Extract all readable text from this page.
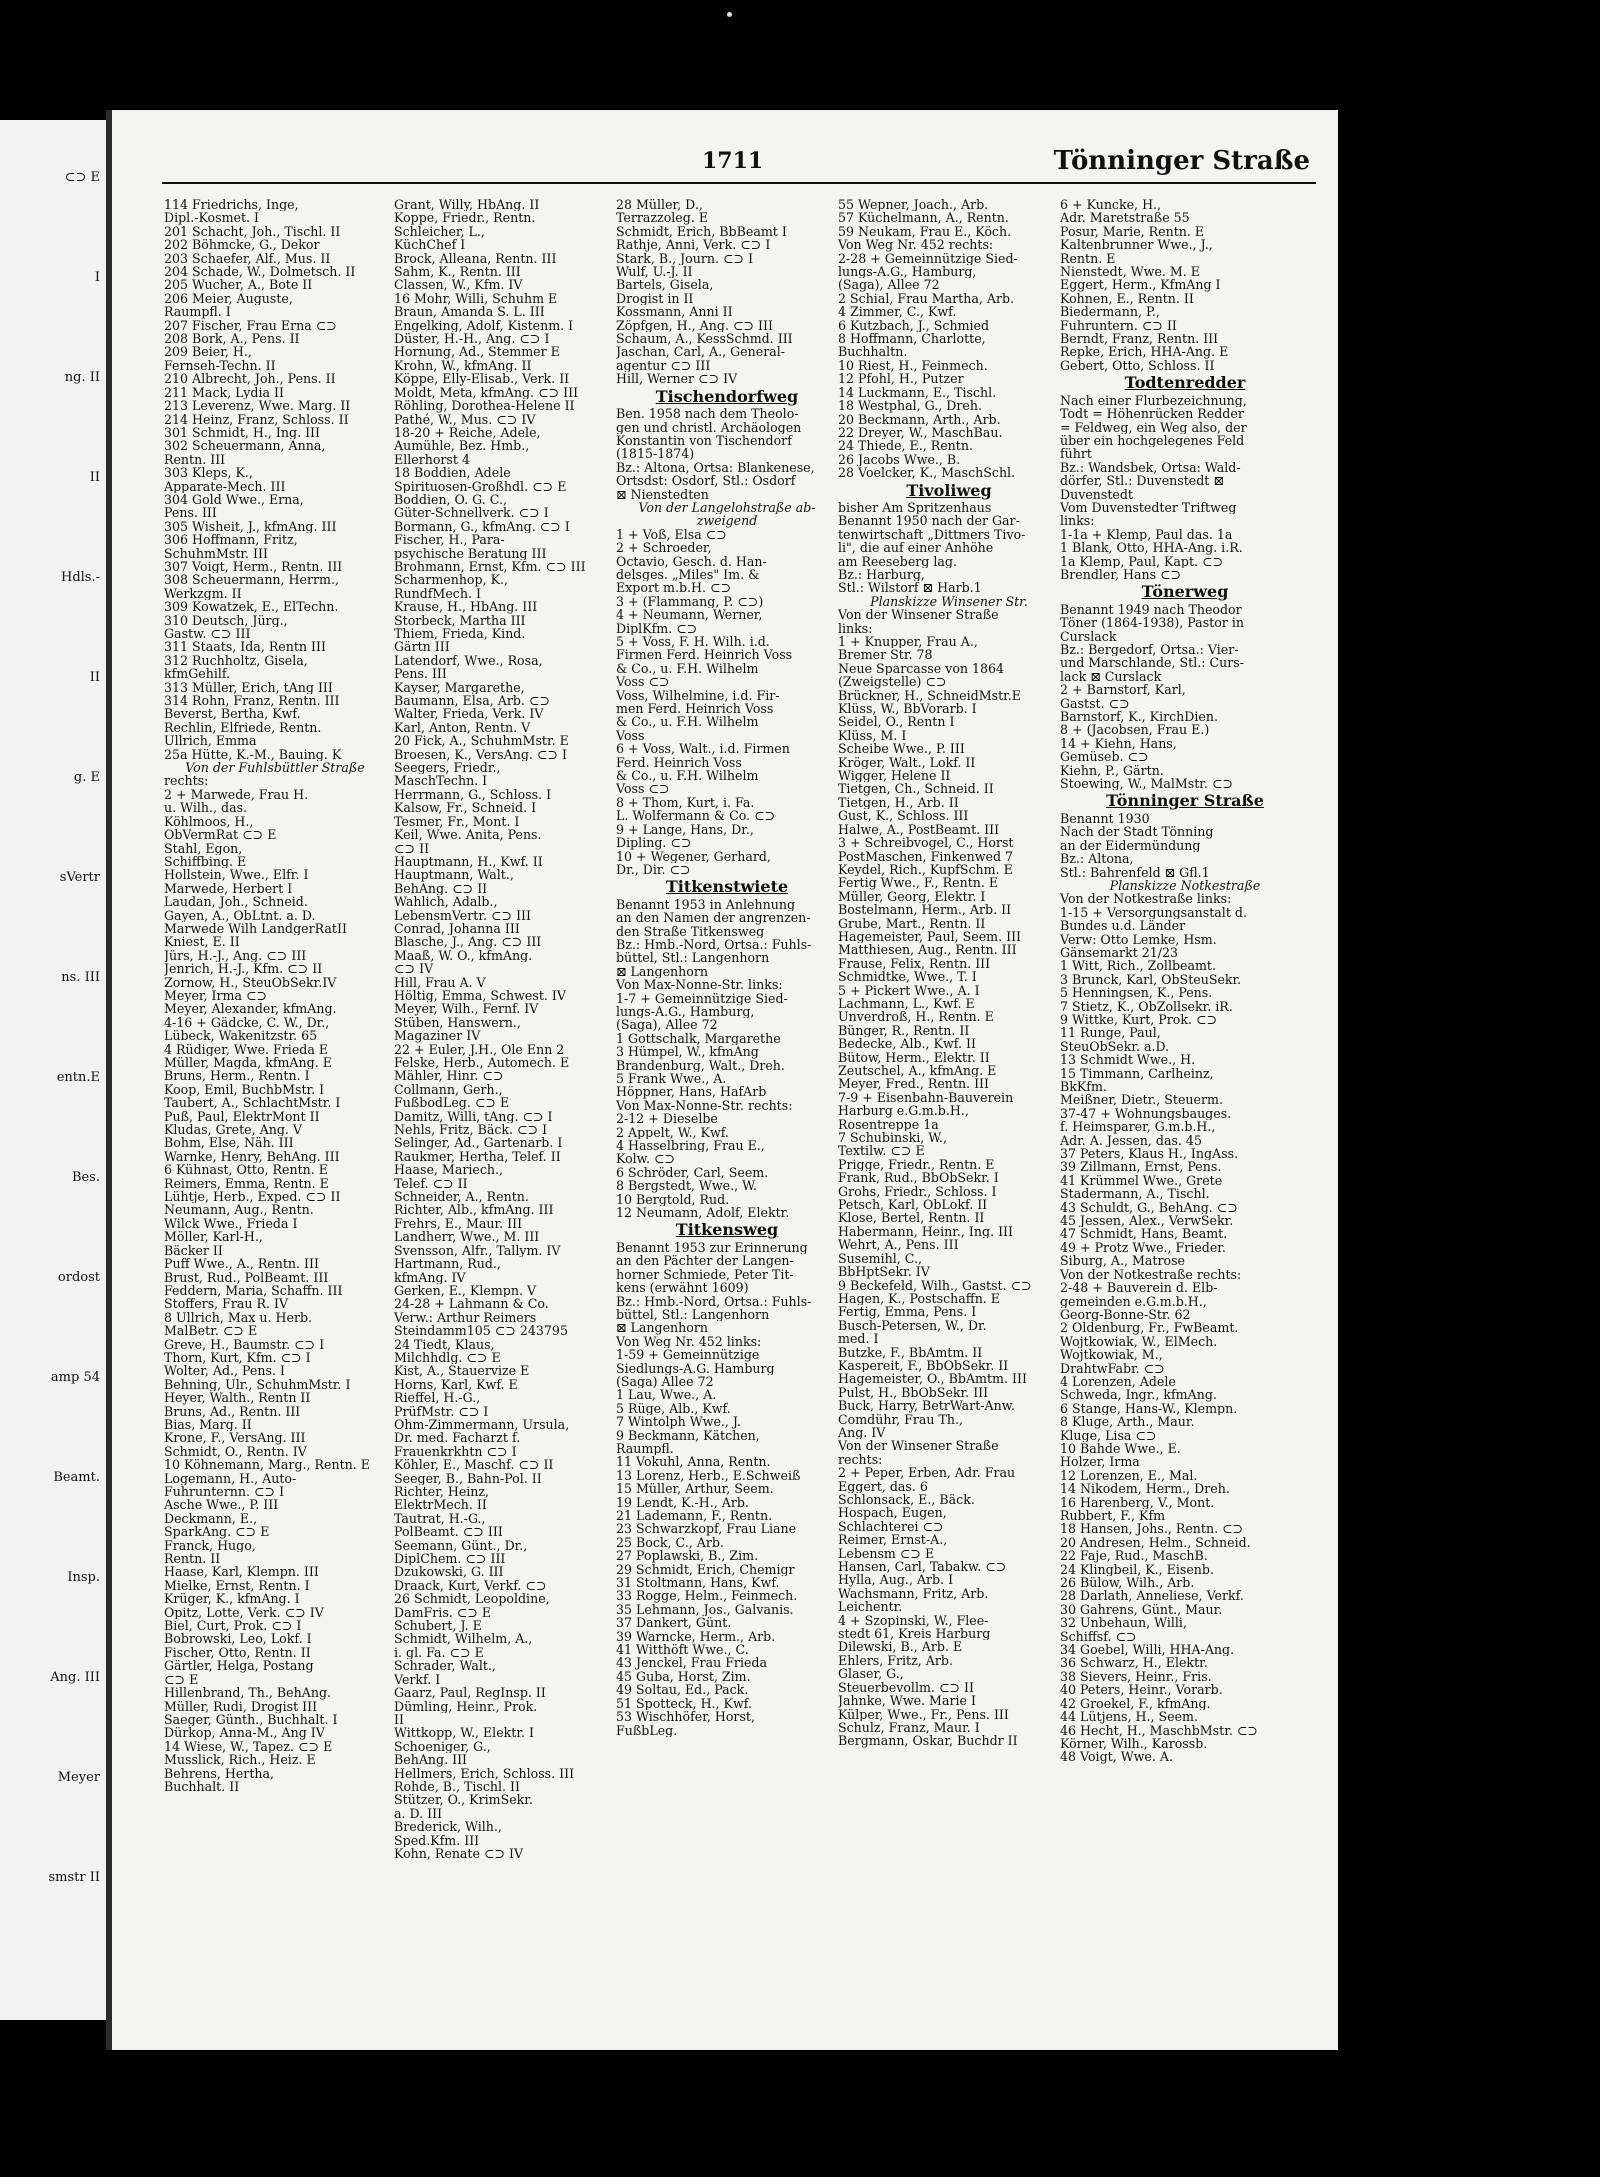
⊂⊃ E
I
ng. II
II
Hdls.-
II
g. E
sVertr
ns. III
entn.E
Bes.
ordost
amp 54
Beamt.
Insp.
Ang. III
Meyer
smstr II
1711	Tönninger Straße
114 Friedrichs, Inge,
Dipl.-Kosmet. I
201 Schacht, Joh., Tischl. II
202 Böhmcke, G., Dekor
203 Schaefer, Alf., Mus. II
204 Schade, W., Dolmetsch. II
205 Wucher, A., Bote II
206 Meier, Auguste,
Raumpfl. I
207 Fischer, Frau Erna ⊂⊃
208 Bork, A., Pens. II
209 Beier, H.,
Fernseh-Techn. II
210 Albrecht, Joh., Pens. II
211 Mack, Lydia II
213 Leverenz, Wwe. Marg. II
214 Heinz, Franz, Schloss. II
301 Schmidt, H., Ing. III
302 Scheuermann, Anna,
Rentn. III
303 Kleps, K.,
Apparate-Mech. III
304 Gold Wwe., Erna,
Pens. III
305 Wisheit, J., kfmAng. III
306 Hoffmann, Fritz,
SchuhmMstr. III
307 Voigt, Herm., Rentn. III
308 Scheuermann, Herrm.,
Werkzgm. II
309 Kowatzek, E., ElTechn.
310 Deutsch, Jürg.,
Gastw. ⊂⊃ III
311 Staats, Ida, Rentn III
312 Ruchholtz, Gisela,
kfmGehilf.
313 Müller, Erich, tAng III
314 Rohn, Franz, Rentn. III
Beverst, Bertha, Kwf.
Rechlin, Elfriede, Rentn.
Ullrich, Emma
25a Hütte, K.-M., Bauing. K
Von der Fuhlsbüttler Straße
rechts:
2 + Marwede, Frau H.
u. Wilh., das.
Köhlmoos, H.,
ObVermRat ⊂⊃ E
Stahl, Egon,
Schiffbing. E
Hollstein, Wwe., Elfr. I
Marwede, Herbert I
Laudan, Joh., Schneid.
Gayen, A., ObLtnt. a. D.
Marwede Wilh LandgerRatII
Kniest, E. II
Jürs, H.-J., Ang. ⊂⊃ III
Jenrich, H.-J., Kfm. ⊂⊃ II
Zornow, H., SteuObSekr.IV
Meyer, Irma ⊂⊃
Meyer, Alexander, kfmAng.
4-16 + Gädcke, C. W., Dr.,
Lübeck, Wakenitzstr. 65
4 Rüdiger, Wwe. Frieda E
Müller, Magda, kfmAng. E
Bruns, Herm., Rentn. I
Koop, Emil, BuchbMstr. I
Taubert, A., SchlachtMstr. I
Puß, Paul, ElektrMont II
Kludas, Grete, Ang. V
Bohm, Else, Näh. III
Warnke, Henry, BehAng. III
6 Kühnast, Otto, Rentn. E
Reimers, Emma, Rentn. E
Lühtje, Herb., Exped. ⊂⊃ II
Neumann, Aug., Rentn.
Wilck Wwe., Frieda I
Möller, Karl-H.,
Bäcker II
Puff Wwe., A., Rentn. III
Brust, Rud., PolBeamt. III
Feddern, Maria, Schaffn. III
Stoffers, Frau R. IV
8 Ullrich, Max u. Herb.
MalBetr. ⊂⊃ E
Greve, H., Baumstr. ⊂⊃ I
Thorn, Kurt, Kfm. ⊂⊃ I
Wolter, Ad., Pens. I
Behning, Ulr., SchuhmMstr. I
Heyer, Walth., Rentn II
Bruns, Ad., Rentn. III
Bias, Marg. II
Krone, F., VersAng. III
Schmidt, O., Rentn. IV
10 Köhnemann, Marg., Rentn. E
Logemann, H., Auto-
Fuhrunternn. ⊂⊃ I
Asche Wwe., P. III
Deckmann, E.,
SparkAng. ⊂⊃ E
Franck, Hugo,
Rentn. II
Haase, Karl, Klempn. III
Mielke, Ernst, Rentn. I
Krüger, K., kfmAng. I
Opitz, Lotte, Verk. ⊂⊃ IV
Biel, Curt, Prok. ⊂⊃ I
Bobrowski, Leo, Lokf. I
Fischer, Otto, Rentn. II
Gärtler, Helga, Postang
⊂⊃ E
Hillenbrand, Th., BehAng.
Müller, Rudi, Drogist III
Saeger, Günth., Buchhalt. I
Dürkop, Anna-M., Ang IV
14 Wiese, W., Tapez. ⊂⊃ E
Musslick, Rich., Heiz. E
Behrens, Hertha,
Buchhalt. II
Grant, Willy, HbAng. II
Koppe, Friedr., Rentn.
Schleicher, L.,
KüchChef I
Brock, Alleana, Rentn. III
Sahm, K., Rentn. III
Classen, W., Kfm. IV
16 Mohr, Willi, Schuhm E
Braun, Amanda S. L. III
Engelking, Adolf, Kistenm. I
Düster, H.-H., Ang. ⊂⊃ I
Hornung, Ad., Stemmer E
Krohn, W., kfmAng. II
Köppe, Elly-Elisab., Verk. II
Moldt, Meta, kfmAng. ⊂⊃ III
Röhling, Dorothea-Helene II
Pathé, W., Mus. ⊂⊃ IV
18-20 + Reiche, Adele,
Aumühle, Bez. Hmb.,
Ellerhorst 4
18 Boddien, Adele
Spirituosen-Großhdl. ⊂⊃ E
Boddien, O. G. C.,
Güter-Schnellverk. ⊂⊃ I
Bormann, G., kfmAng. ⊂⊃ I
Fischer, H., Para-
psychische Beratung III
Brohmann, Ernst, Kfm. ⊂⊃ III
Scharmenhop, K.,
RundfMech. I
Krause, H., HbAng. III
Storbeck, Martha III
Thiem, Frieda, Kind.
Gärtn III
Latendorf, Wwe., Rosa,
Pens. III
Kayser, Margarethe,
Baumann, Elsa, Arb. ⊂⊃
Walter, Frieda, Verk. IV
Karl, Anton, Rentn. V
20 Fick, A., SchuhmMstr. E
Broesen, K., VersAng. ⊂⊃ I
Seegers, Friedr.,
MaschTechn. I
Herrmann, G., Schloss. I
Kalsow, Fr., Schneid. I
Tesmer, Fr., Mont. I
Keil, Wwe. Anita, Pens.
⊂⊃ II
Hauptmann, H., Kwf. II
Hauptmann, Walt.,
BehAng. ⊂⊃ II
Wahlich, Adalb.,
LebensmVertr. ⊂⊃ III
Conrad, Johanna III
Blasche, J., Ang. ⊂⊃ III
Maaß, W. O., kfmAng.
⊂⊃ IV
Hill, Frau A. V
Höltig, Emma, Schwest. IV
Meyer, Wilh., Fernf. IV
Stüben, Hanswern.,
Magaziner IV
22 + Euler, J.H., Ole Enn 2
Felske, Herb., Automech. E
Mähler, Hinr. ⊂⊃
Collmann, Gerh.,
FußbodLeg. ⊂⊃ E
Damitz, Willi, tAng. ⊂⊃ I
Nehls, Fritz, Bäck. ⊂⊃ I
Selinger, Ad., Gartenarb. I
Raukmer, Hertha, Telef. II
Haase, Mariech.,
Telef. ⊂⊃ II
Schneider, A., Rentn.
Richter, Alb., kfmAng. III
Frehrs, E., Maur. III
Landherr, Wwe., M. III
Svensson, Alfr., Tallym. IV
Hartmann, Rud.,
kfmAng. IV
Gerken, E., Klempn. V
24-28 + Lahmann & Co.
Verw.: Arthur Reimers
Steindamm105 ⊂⊃ 243795
24 Tiedt, Klaus,
Milchhdlg. ⊂⊃ E
Kist, A., Stauervize E
Horns, Karl, Kwf. E
Rieffel, H.-G.,
PrüfMstr. ⊂⊃ I
Ohm-Zimmermann, Ursula,
Dr. med. Facharzt f.
Frauenkrkhtn ⊂⊃ I
Köhler, E., Maschf. ⊂⊃ II
Seeger, B., Bahn-Pol. II
Richter, Heinz,
ElektrMech. II
Tautrat, H.-G.,
PolBeamt. ⊂⊃ III
Seemann, Günt., Dr.,
DiplChem. ⊂⊃ III
Dzukowski, G. III
Draack, Kurt, Verkf. ⊂⊃
26 Schmidt, Leopoldine,
DamFris. ⊂⊃ E
Schubert, J. E
Schmidt, Wilhelm, A.,
i. gl. Fa. ⊂⊃ E
Schrader, Walt.,
Verkf. I
Gaarz, Paul, RegInsp. II
Dümling, Heinr., Prok.
II
Wittkopp, W., Elektr. I
Schoeniger, G.,
BehAng. III
Hellmers, Erich, Schloss. III
Rohde, B., Tischl. II
Stützer, O., KrimSekr.
a. D. III
Brederick, Wilh.,
Sped.Kfm. III
Kohn, Renate ⊂⊃ IV
28 Müller, D.,
Terrazzoleg. E
Schmidt, Erich, BbBeamt I
Rathje, Anni, Verk. ⊂⊃ I
Stark, B., Journ. ⊂⊃ I
Wulf, U.-J. II
Bartels, Gisela,
Drogist in II
Kossmann, Anni II
Zöpfgen, H., Ang. ⊂⊃ III
Schaum, A., KessSchmd. III
Jaschan, Carl, A., General-
agentur ⊂⊃ III
Hill, Werner ⊂⊃ IV
Tischendorfweg
Ben. 1958 nach dem Theolo-
gen und christl. Archäologen
Konstantin von Tischendorf
(1815-1874)
Bz.: Altona, Ortsa: Blankenese,
Ortsdst: Osdorf, Stl.: Osdorf
⊠ Nienstedten
Von der Langelohstraße ab-
zweigend
1 + Voß, Elsa ⊂⊃
2 + Schroeder,
Octavio, Gesch. d. Han-
delsges. „Miles" Im. &
Export m.b.H. ⊂⊃
3 + (Flammang, P. ⊂⊃)
4 + Neumann, Werner,
DiplKfm. ⊂⊃
5 + Voss, F. H. Wilh. i.d.
Firmen Ferd. Heinrich Voss
& Co., u. F.H. Wilhelm
Voss ⊂⊃
Voss, Wilhelmine, i.d. Fir-
men Ferd. Heinrich Voss
& Co., u. F.H. Wilhelm
Voss
6 + Voss, Walt., i.d. Firmen
Ferd. Heinrich Voss
& Co., u. F.H. Wilhelm
Voss ⊂⊃
8 + Thom, Kurt, i. Fa.
L. Wolfermann & Co. ⊂⊃
9 + Lange, Hans, Dr.,
Dipling. ⊂⊃
10 + Wegener, Gerhard,
Dr., Dir. ⊂⊃
Titkenstwiete
Benannt 1953 in Anlehnung
an den Namen der angrenzen-
den Straße Titkensweg
Bz.: Hmb.-Nord, Ortsa.: Fuhls-
büttel, Stl.: Langenhorn
⊠ Langenhorn
Von Max-Nonne-Str. links:
1-7 + Gemeinnützige Sied-
lungs-A.G., Hamburg,
(Saga), Allee 72
1 Gottschalk, Margarethe
3 Hümpel, W., kfmAng
Brandenburg, Walt., Dreh.
5 Frank Wwe., A.
Höppner, Hans, HafArb
Von Max-Nonne-Str. rechts:
2-12 + Dieselbe
2 Appelt, W., Kwf.
4 Hasselbring, Frau E.,
Kolw. ⊂⊃
6 Schröder, Carl, Seem.
8 Bergstedt, Wwe., W.
10 Bergtold, Rud.
12 Neumann, Adolf, Elektr.
Titkensweg
Benannt 1953 zur Erinnerung
an den Pächter der Langen-
horner Schmiede, Peter Tit-
kens (erwähnt 1609)
Bz.: Hmb.-Nord, Ortsa.: Fuhls-
büttel, Stl.: Langenhorn
⊠ Langenhorn
Von Weg Nr. 452 links:
1-59 + Gemeinnützige
Siedlungs-A.G. Hamburg
(Saga) Allee 72
1 Lau, Wwe., A.
5 Rüge, Alb., Kwf.
7 Wintolph Wwe., J.
9 Beckmann, Kätchen,
Raumpfl.
11 Vokuhl, Anna, Rentn.
13 Lorenz, Herb., E.Schweiß
15 Müller, Arthur, Seem.
19 Lendt, K.-H., Arb.
21 Lademann, F., Rentn.
23 Schwarzkopf, Frau Liane
25 Bock, C., Arb.
27 Poplawski, B., Zim.
29 Schmidt, Erich, Chemigr
31 Stoltmann, Hans, Kwf.
33 Rogge, Helm., Feinmech.
35 Lehmann, Jos., Galvanis.
37 Dankert, Günt.
39 Warncke, Herm., Arb.
41 Witthöft Wwe., C.
43 Jenckel, Frau Frieda
45 Guba, Horst, Zim.
49 Soltau, Ed., Pack.
51 Spotteck, H., Kwf.
53 Wischhöfer, Horst,
FußbLeg.
55 Wepner, Joach., Arb.
57 Küchelmann, A., Rentn.
59 Neukam, Frau E., Köch.
Von Weg Nr. 452 rechts:
2-28 + Gemeinnützige Sied-
lungs-A.G., Hamburg,
(Saga), Allee 72
2 Schial, Frau Martha, Arb.
4 Zimmer, C., Kwf.
6 Kutzbach, J., Schmied
8 Hoffmann, Charlotte,
Buchhaltn.
10 Riest, H., Feinmech.
12 Pfohl, H., Putzer
14 Luckmann, E., Tischl.
18 Westphal, G., Dreh.
20 Beckmann, Arth., Arb.
22 Dreyer, W., MaschBau.
24 Thiede, E., Rentn.
26 Jacobs Wwe., B.
28 Voelcker, K., MaschSchl.
Tivoliweg
bisher Am Spritzenhaus
Benannt 1950 nach der Gar-
tenwirtschaft „Dittmers Tivo-
li", die auf einer Anhöhe
am Reeseberg lag.
Bz.: Harburg,
Stl.: Wilstorf ⊠ Harb.1
Planskizze Winsener Str.
Von der Winsener Straße
links:
1 + Knupper, Frau A.,
Bremer Str. 78
Neue Sparcasse von 1864
(Zweigstelle) ⊂⊃
Brückner, H., SchneidMstr.E
Klüss, W., BbVorarb. I
Seidel, O., Rentn I
Klüss, M. I
Scheibe Wwe., P. III
Kröger, Walt., Lokf. II
Wigger, Helene II
Tietgen, Ch., Schneid. II
Tietgen, H., Arb. II
Gust, K., Schloss. III
Halwe, A., PostBeamt. III
3 + Schreibvogel, C., Horst
PostMaschen, Finkenwed 7
Keydel, Rich., KupfSchm. E
Fertig Wwe., F., Rentn. E
Müller, Georg, Elektr. I
Bostelmann, Herm., Arb. II
Grube, Mart., Rentn. II
Hagemeister, Paul, Seem. III
Matthiesen, Aug., Rentn. III
Frause, Felix, Rentn. III
Schmidtke, Wwe., T. I
5 + Pickert Wwe., A. I
Lachmann, L., Kwf. E
Unverdroß, H., Rentn. E
Bünger, R., Rentn. II
Bedecke, Alb., Kwf. II
Bütow, Herm., Elektr. II
Zeutschel, A., kfmAng. E
Meyer, Fred., Rentn. III
7-9 + Eisenbahn-Bauverein
Harburg e.G.m.b.H.,
Rosentreppe 1a
7 Schubinski, W.,
Textilw. ⊂⊃ E
Prigge, Friedr., Rentn. E
Frank, Rud., BbObSekr. I
Grohs, Friedr., Schloss. I
Petsch, Karl, ObLokf. II
Klose, Bertel, Rentn. II
Habermann, Heinr., Ing. III
Wehrt, A., Pens. III
Susemihl, C.,
BbHptSekr. IV
9 Beckefeld, Wilh., Gastst. ⊂⊃
Hagen, K., Postschaffn. E
Fertig, Emma, Pens. I
Busch-Petersen, W., Dr.
med. I
Butzke, F., BbAmtm. II
Kaspereit, F., BbObSekr. II
Hagemeister, O., BbAmtm. III
Pulst, H., BbObSekr. III
Buck, Harry, BetrWart-Anw.
Comdühr, Frau Th.,
Ang. IV
Von der Winsener Straße
rechts:
2 + Peper, Erben, Adr. Frau
Eggert, das. 6
Schlonsack, E., Bäck.
Hospach, Eugen,
Schlachterei ⊂⊃
Reimer, Ernst-A.,
Lebensm ⊂⊃ E
Hansen, Carl, Tabakw. ⊂⊃
Hylla, Aug., Arb. I
Wachsmann, Fritz, Arb.
Leichentr.
4 + Szopinski, W., Flee-
stedt 61, Kreis Harburg
Dilewski, B., Arb. E
Ehlers, Fritz, Arb.
Glaser, G.,
Steuerbevollm. ⊂⊃ II
Jahnke, Wwe. Marie I
Külper, Wwe., Fr., Pens. III
Schulz, Franz, Maur. I
Bergmann, Oskar, Buchdr II
6 + Kuncke, H.,
Adr. Maretstraße 55
Posur, Marie, Rentn. E
Kaltenbrunner Wwe., J.,
Rentn. E
Nienstedt, Wwe. M. E
Eggert, Herm., KfmAng I
Kohnen, E., Rentn. II
Biedermann, P.,
Fuhruntern. ⊂⊃ II
Berndt, Franz, Rentn. III
Repke, Erich, HHA-Ang. E
Gebert, Otto, Schloss. II
Todtenredder
Nach einer Flurbezeichnung,
Todt = Höhenrücken Redder
= Feldweg, ein Weg also, der
über ein hochgelegenes Feld
führt
Bz.: Wandsbek, Ortsa: Wald-
dörfer, Stl.: Duvenstedt ⊠
Duvenstedt
Vom Duvenstedter Triftweg
links:
1-1a + Klemp, Paul das. 1a
1 Blank, Otto, HHA-Ang. i.R.
1a Klemp, Paul, Kapt. ⊂⊃
Brendler, Hans ⊂⊃
Tönerweg
Benannt 1949 nach Theodor
Töner (1864-1938), Pastor in
Curslack
Bz.: Bergedorf, Ortsa.: Vier-
und Marschlande, Stl.: Curs-
lack ⊠ Curslack
2 + Barnstorf, Karl,
Gastst. ⊂⊃
Barnstorf, K., KirchDien.
8 + (Jacobsen, Frau E.)
14 + Kiehn, Hans,
Gemüseb. ⊂⊃
Kiehn, P., Gärtn.
Stoewing, W., MalMstr. ⊂⊃
Tönninger Straße
Benannt 1930
Nach der Stadt Tönning
an der Eidermündung
Bz.: Altona,
Stl.: Bahrenfeld ⊠ Gfl.1
Planskizze Notkestraße
Von der Notkestraße links:
1-15 + Versorgungsanstalt d.
Bundes u.d. Länder
Verw: Otto Lemke, Hsm.
Gänsemarkt 21/23
1 Witt, Rich., Zollbeamt.
3 Brunck, Karl, ObSteuSekr.
5 Henningsen, K., Pens.
7 Stietz, K., ObZollsekr. iR.
9 Wittke, Kurt, Prok. ⊂⊃
11 Runge, Paul,
SteuObSekr. a.D.
13 Schmidt Wwe., H.
15 Timmann, Carlheinz,
BkKfm.
Meißner, Dietr., Steuerm.
37-47 + Wohnungsbauges.
f. Heimsparer, G.m.b.H.,
Adr. A. Jessen, das. 45
37 Peters, Klaus H., IngAss.
39 Zillmann, Ernst, Pens.
41 Krümmel Wwe., Grete
Stadermann, A., Tischl.
43 Schuldt, G., BehAng. ⊂⊃
45 Jessen, Alex., VerwSekr.
47 Schmidt, Hans, Beamt.
49 + Protz Wwe., Frieder.
Siburg, A., Matrose
Von der Notkestraße rechts:
2-48 + Bauverein d. Elb-
gemeinden e.G.m.b.H.,
Georg-Bonne-Str. 62
2 Oldenburg, Fr., FwBeamt.
Wojtkowiak, W., ElMech.
Wojtkowiak, M.,
DrahtwFabr. ⊂⊃
4 Lorenzen, Adele
Schweda, Ingr., kfmAng.
6 Stange, Hans-W., Klempn.
8 Kluge, Arth., Maur.
Kluge, Lisa ⊂⊃
10 Bahde Wwe., E.
Holzer, Irma
12 Lorenzen, E., Mal.
14 Nikodem, Herm., Dreh.
16 Harenberg, V., Mont.
Rubbert, F., Kfm
18 Hansen, Johs., Rentn. ⊂⊃
20 Andresen, Helm., Schneid.
22 Faje, Rud., MaschB.
24 Klingbeil, K., Eisenb.
26 Bülow, Wilh., Arb.
28 Darlath, Anneliese, Verkf.
30 Gahrens, Günt., Maur.
32 Unbehaun, Willi,
Schiffsf. ⊂⊃
34 Goebel, Willi, HHA-Ang.
36 Schwarz, H., Elektr.
38 Sievers, Heinr., Fris.
40 Peters, Heinr., Vorarb.
42 Groekel, F., kfmAng.
44 Lütjens, H., Seem.
46 Hecht, H., MaschbMstr. ⊂⊃
Körner, Wilh., Karossb.
48 Voigt, Wwe. A.
